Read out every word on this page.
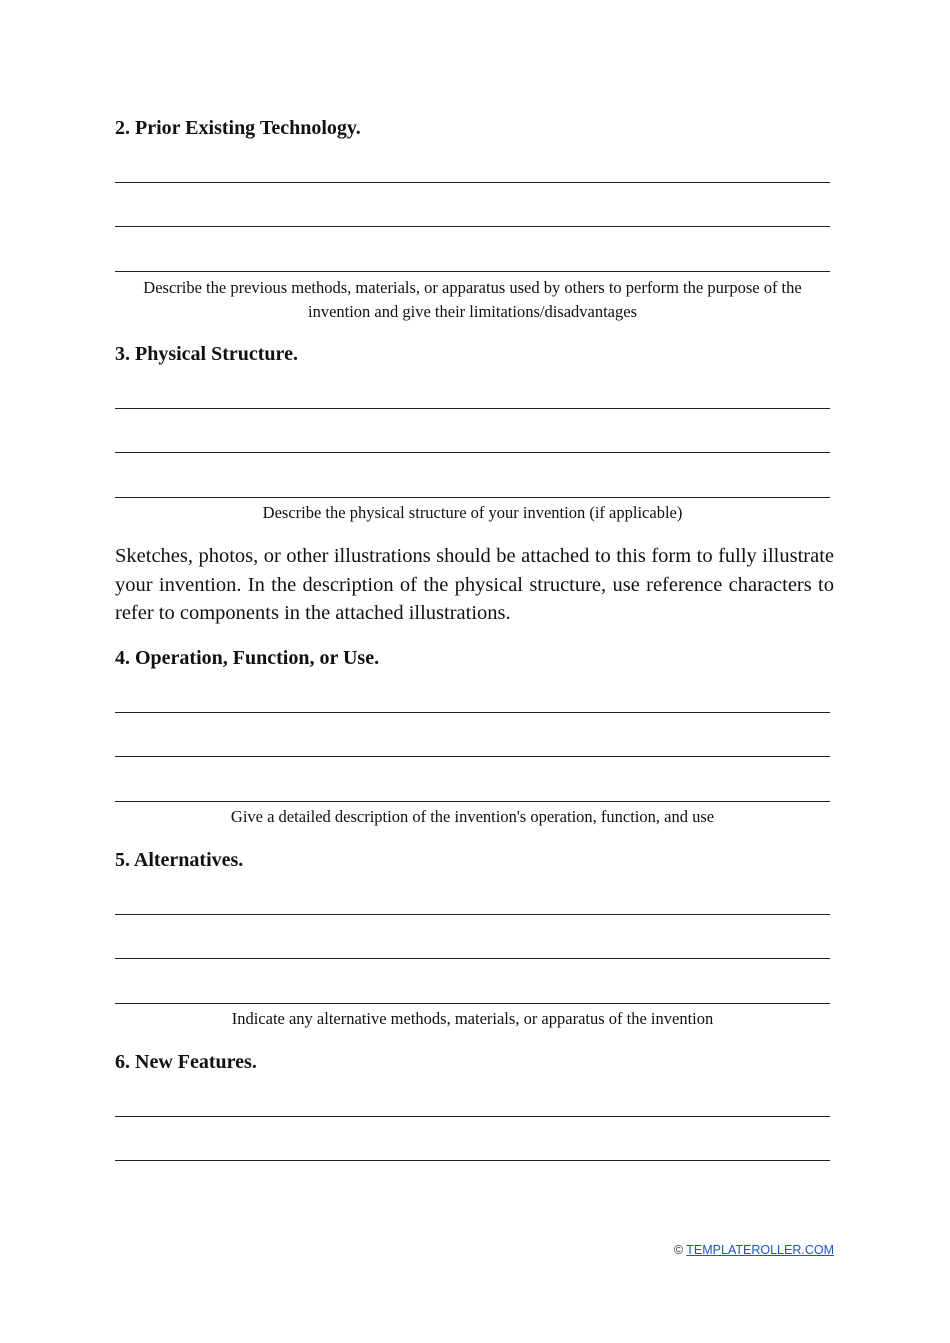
2. Prior Existing Technology.
Describe the previous methods, materials, or apparatus used by others to perform the purpose of the invention and give their limitations/disadvantages
3. Physical Structure.
Describe the physical structure of your invention (if applicable)
Sketches, photos, or other illustrations should be attached to this form to fully illustrate your invention. In the description of the physical structure, use reference characters to refer to components in the attached illustrations.
4. Operation, Function, or Use.
Give a detailed description of the invention's operation, function, and use
5. Alternatives.
Indicate any alternative methods, materials, or apparatus of the invention
6. New Features.
© TEMPLATEROLLER.COM
